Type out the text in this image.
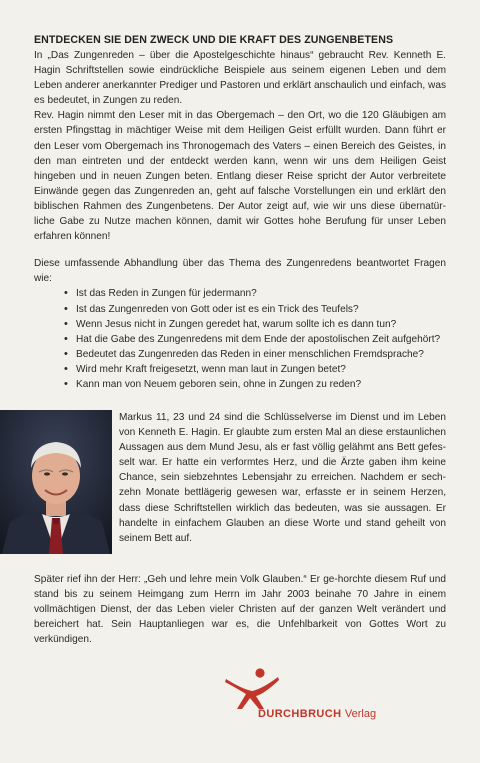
ENTDECKEN SIE DEN ZWECK UND DIE KRAFT DES ZUNGENBETENS

In „Das Zungenreden – über die Apostelgeschichte hinaus“ gebraucht Rev. Kenneth E. Hagin Schriftstellen sowie eindrückliche Beispiele aus seinem eigenen Leben und dem Leben anderer anerkannter Prediger und Pastoren und erklärt anschaulich und einfach, was es bedeutet, in Zungen zu reden.

Rev. Hagin nimmt den Leser mit in das Obergemach – den Ort, wo die 120 Gläubigen am ersten Pfingsttag in mächtiger Weise mit dem Heiligen Geist erfüllt wurden. Dann führt er den Leser vom Obergemach ins Thronogemach des Vaters – einen Bereich des Geistes, in den man eintreten und der entdeckt werden kann, wenn wir uns dem Heiligen Geist hingeben und in neuen Zungen beten. Entlang dieser Reise spricht der Autor verbreitete Einwände gegen das Zungenreden an, geht auf falsche Vorstellungen ein und erklärt den biblischen Rahmen des Zungenbetens. Der Autor zeigt auf, wie wir uns diese übernatür-liche Gabe zu Nutze machen können, damit wir Gottes hohe Berufung für unser Leben erfahren können!

Diese umfassende Abhandlung über das Thema des Zungenredens beantwortet Fragen wie:

• Ist das Reden in Zungen für jedermann?
• Ist das Zungenreden von Gott oder ist es ein Trick des Teufels?
• Wenn Jesus nicht in Zungen geredet hat, warum sollte ich es dann tun?
• Hat die Gabe des Zungenredens mit dem Ende der apostolischen Zeit aufgehört?
• Bedeutet das Zungenreden das Reden in einer menschlichen Fremdsprache?
• Wird mehr Kraft freigesetzt, wenn man laut in Zungen betet?
• Kann man von Neuem geboren sein, ohne in Zungen zu reden?

Markus 11, 23 und 24 sind die Schlüsselverse im Dienst und im Leben von Kenneth E. Hagin. Er glaubte zum ersten Mal an diese erstaunlichen Aussagen aus dem Mund Jesu, als er fast völlig gelähmt ans Bett gefes-selt war. Er hatte ein verformtes Herz, und die Ärzte gaben ihm keine Chance, sein siebzehntes Lebensjahr zu erreichen. Nachdem er sech-zehn Monate bettlägerig gewesen war, erfasste er in seinem Herzen, dass diese Schriftstellen wirklich das bedeuten, was sie aussagen. Er handelte in einfachem Glauben an diese Worte und stand geheilt von seinem Bett auf.

Später rief ihn der Herr: „Geh und lehre mein Volk Glauben.“ Er ge-horchte diesem Ruf und stand bis zu seinem Heimgang zum Herrn im Jahr 2003 beinahe 70 Jahre in einem vollmächtigen Dienst, der das Leben vieler Christen auf der ganzen Welt verändert und bereichert hat. Sein Hauptanliegen war es, die Unfehlbarkeit von Gottes Wort zu verkündigen.

DURCHBRUCH Verlag
